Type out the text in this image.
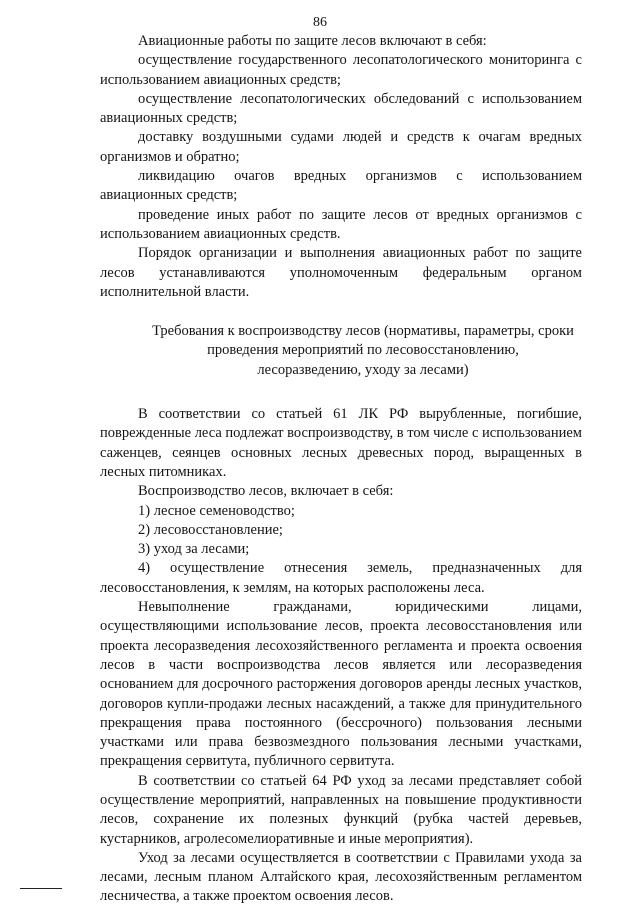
86

Авиационные работы по защите лесов включают в себя:

осуществление государственного лесопатологического мониторинга с использованием авиационных средств;

осуществление лесопатологических обследований с использованием авиационных средств;

доставку воздушными судами людей и средств к очагам вредных организмов и обратно;

ликвидацию очагов вредных организмов с использованием авиационных средств;

проведение иных работ по защите лесов от вредных организмов с использованием авиационных средств.

Порядок организации и выполнения авиационных работ по защите лесов устанавливаются уполномоченным федеральным органом исполнительной власти.

Требования к воспроизводству лесов (нормативы, параметры, сроки
проведения мероприятий по лесовосстановлению,
лесоразведению, уходу за лесами)

В соответствии со статьей 61 ЛК РФ вырубленные, погибшие, поврежденные леса подлежат воспроизводству, в том числе с использованием саженцев, сеянцев основных лесных древесных пород, выращенных в лесных питомниках.

Воспроизводство лесов, включает в себя:

1) лесное семеноводство;

2) лесовосстановление;

3) уход за лесами;

4) осуществление отнесения земель, предназначенных для лесовосстановления, к землям, на которых расположены леса.

Невыполнение гражданами, юридическими лицами, осуществляющими использование лесов, проекта лесовосстановления или проекта лесоразведения лесохозяйственного регламента и проекта освоения лесов в части воспроизводства лесов является или лесоразведения основанием для досрочного расторжения договоров аренды лесных участков, договоров купли-продажи лесных насаждений, а также для принудительного прекращения права постоянного (бессрочного) пользования лесными участками или права безвозмездного пользования лесными участками, прекращения сервитута, публичного сервитута.

В соответствии со статьей 64 РФ уход за лесами представляет собой осуществление мероприятий, направленных на повышение продуктивности лесов, сохранение их полезных функций (рубка частей деревьев, кустарников, агролесомелиоративные и иные мероприятия).

Уход за лесами осуществляется в соответствии с Правилами ухода за лесами, лесным планом Алтайского края, лесохозяйственным регламентом лесничества, а также проектом освоения лесов.
